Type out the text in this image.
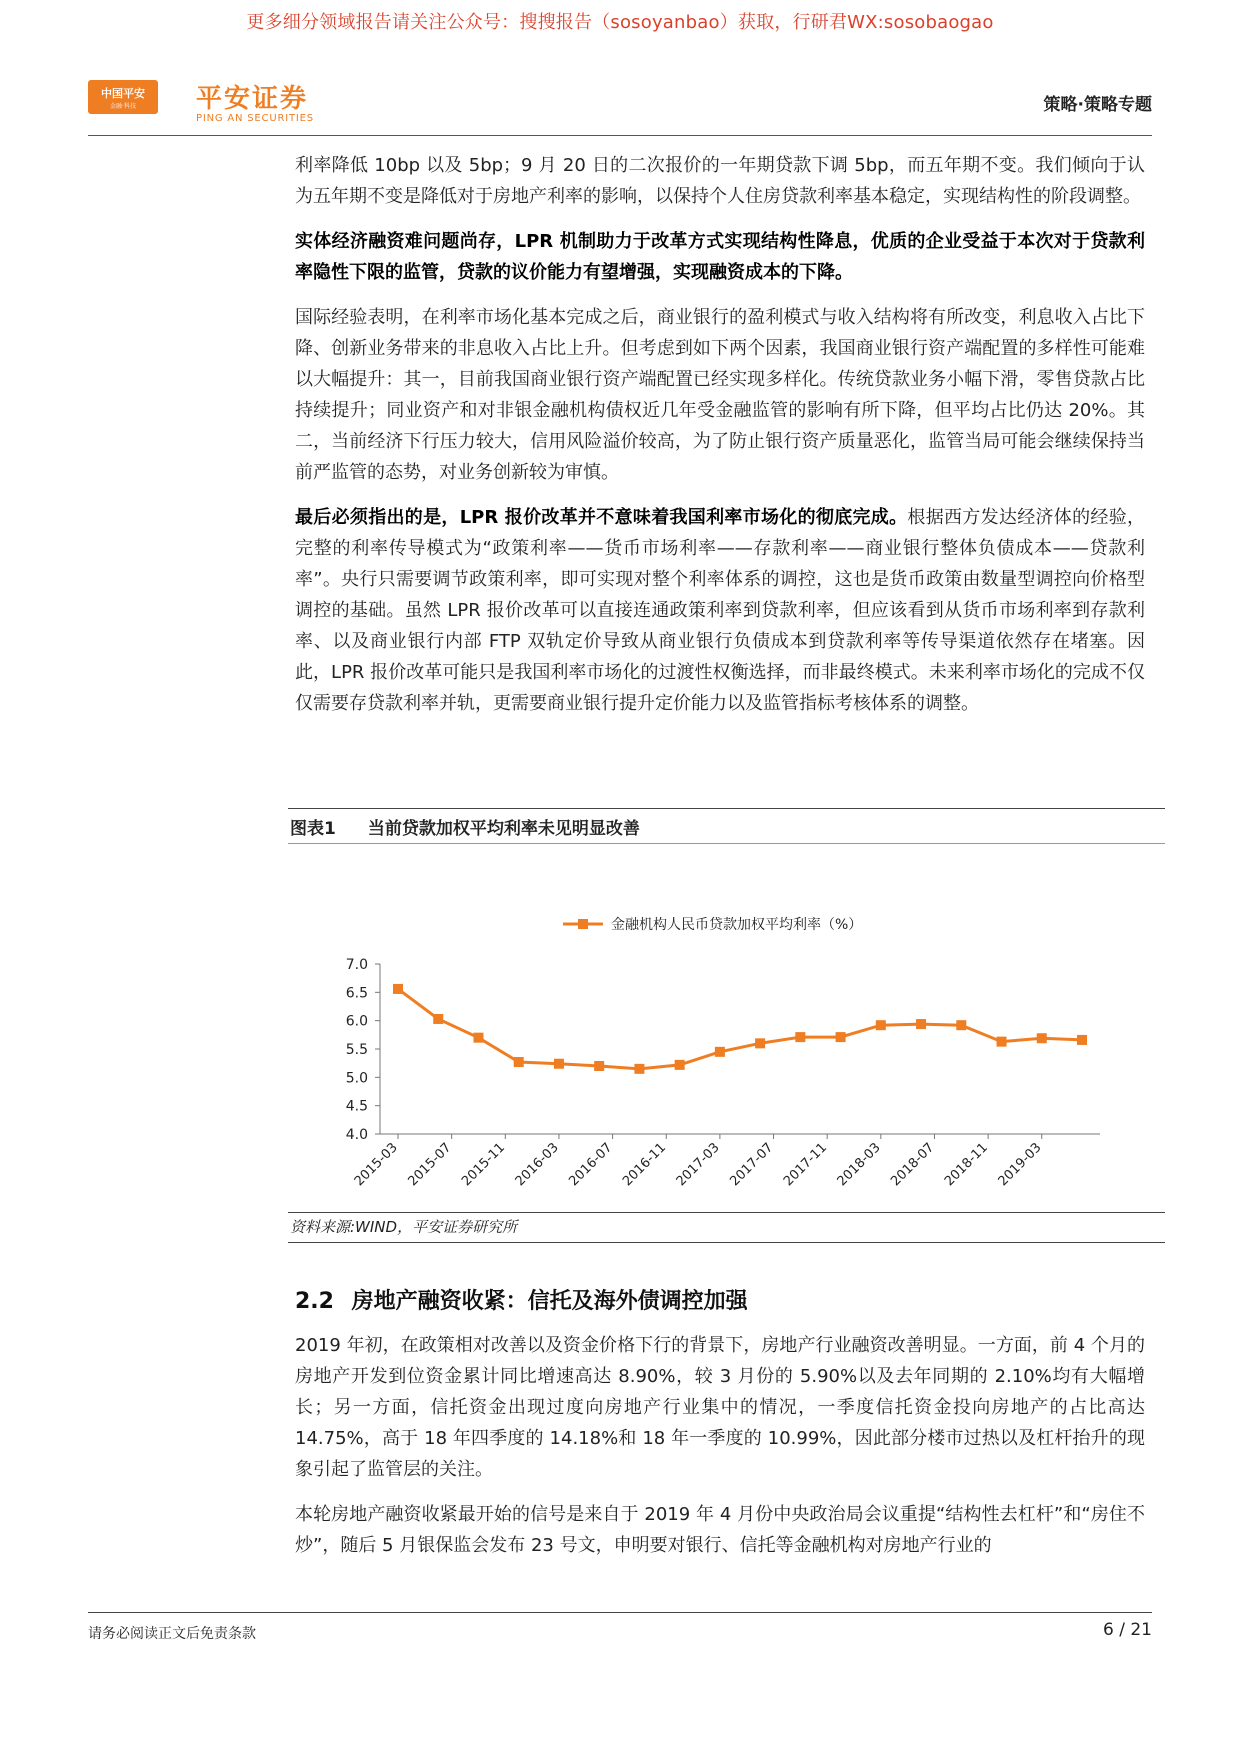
更多细分领域报告请关注公众号：搜搜报告（sosoyanbao）获取，行研君WX:sosobaogao
中国平安
金融·科技 平安证券
PING AN SECURITIES
策略·策略专题

利率降低 10bp 以及 5bp；9 月 20 日的二次报价的一年期贷款下调 5bp，而五年期不变。我们倾向于认为五年期不变是降低对于房地产利率的影响，以保持个人住房贷款利率基本稳定，实现结构性的阶段调整。

实体经济融资难问题尚存，LPR 机制助力于改革方式实现结构性降息，优质的企业受益于本次对于贷款利率隐性下限的监管，贷款的议价能力有望增强，实现融资成本的下降。

国际经验表明，在利率市场化基本完成之后，商业银行的盈利模式与收入结构将有所改变，利息收入占比下降、创新业务带来的非息收入占比上升。但考虑到如下两个因素，我国商业银行资产端配置的多样性可能难以大幅提升：其一，目前我国商业银行资产端配置已经实现多样化。传统贷款业务小幅下滑，零售贷款占比持续提升；同业资产和对非银金融机构债权近几年受金融监管的影响有所下降，但平均占比仍达 20%。其二，当前经济下行压力较大，信用风险溢价较高，为了防止银行资产质量恶化，监管当局可能会继续保持当前严监管的态势，对业务创新较为审慎。

最后必须指出的是，LPR 报价改革并不意味着我国利率市场化的彻底完成。根据西方发达经济体的经验，完整的利率传导模式为“政策利率——货币市场利率——存款利率——商业银行整体负债成本——贷款利率”。央行只需要调节政策利率，即可实现对整个利率体系的调控，这也是货币政策由数量型调控向价格型调控的基础。虽然 LPR 报价改革可以直接连通政策利率到贷款利率，但应该看到从货币市场利率到存款利率、以及商业银行内部 FTP 双轨定价导致从商业银行负债成本到贷款利率等传导渠道依然存在堵塞。因此，LPR 报价改革可能只是我国利率市场化的过渡性权衡选择，而非最终模式。未来利率市场化的完成不仅仅需要存贷款利率并轨，更需要商业银行提升定价能力以及监管指标考核体系的调整。

图表1 当前贷款加权平均利率未见明显改善
7.0
6.5
6.0
5.5
5.0
4.5
4.0
2015-03 2015-07 2015-11 2016-03 2016-07 2016-11 2017-03 2017-07 2017-11 2018-03 2018-07 2018-11 2019-03
金融机构人民币贷款加权平均利率（%）
资料来源:WIND，平安证券研究所
2.2 房地产融资收紧：信托及海外债调控加强

2019 年初，在政策相对改善以及资金价格下行的背景下，房地产行业融资改善明显。一方面，前 4 个月的房地产开发到位资金累计同比增速高达 8.90%，较 3 月份的 5.90%以及去年同期的 2.10%均有大幅增长；另一方面，信托资金出现过度向房地产行业集中的情况，一季度信托资金投向房地产的占比高达 14.75%，高于 18 年四季度的 14.18%和 18 年一季度的 10.99%，因此部分楼市过热以及杠杆抬升的现象引起了监管层的关注。

本轮房地产融资收紧最开始的信号是来自于 2019 年 4 月份中央政治局会议重提“结构性去杠杆”和“房住不炒”，随后 5 月银保监会发布 23 号文，申明要对银行、信托等金融机构对房地产行业的

请务必阅读正文后免责条款	6 / 21
